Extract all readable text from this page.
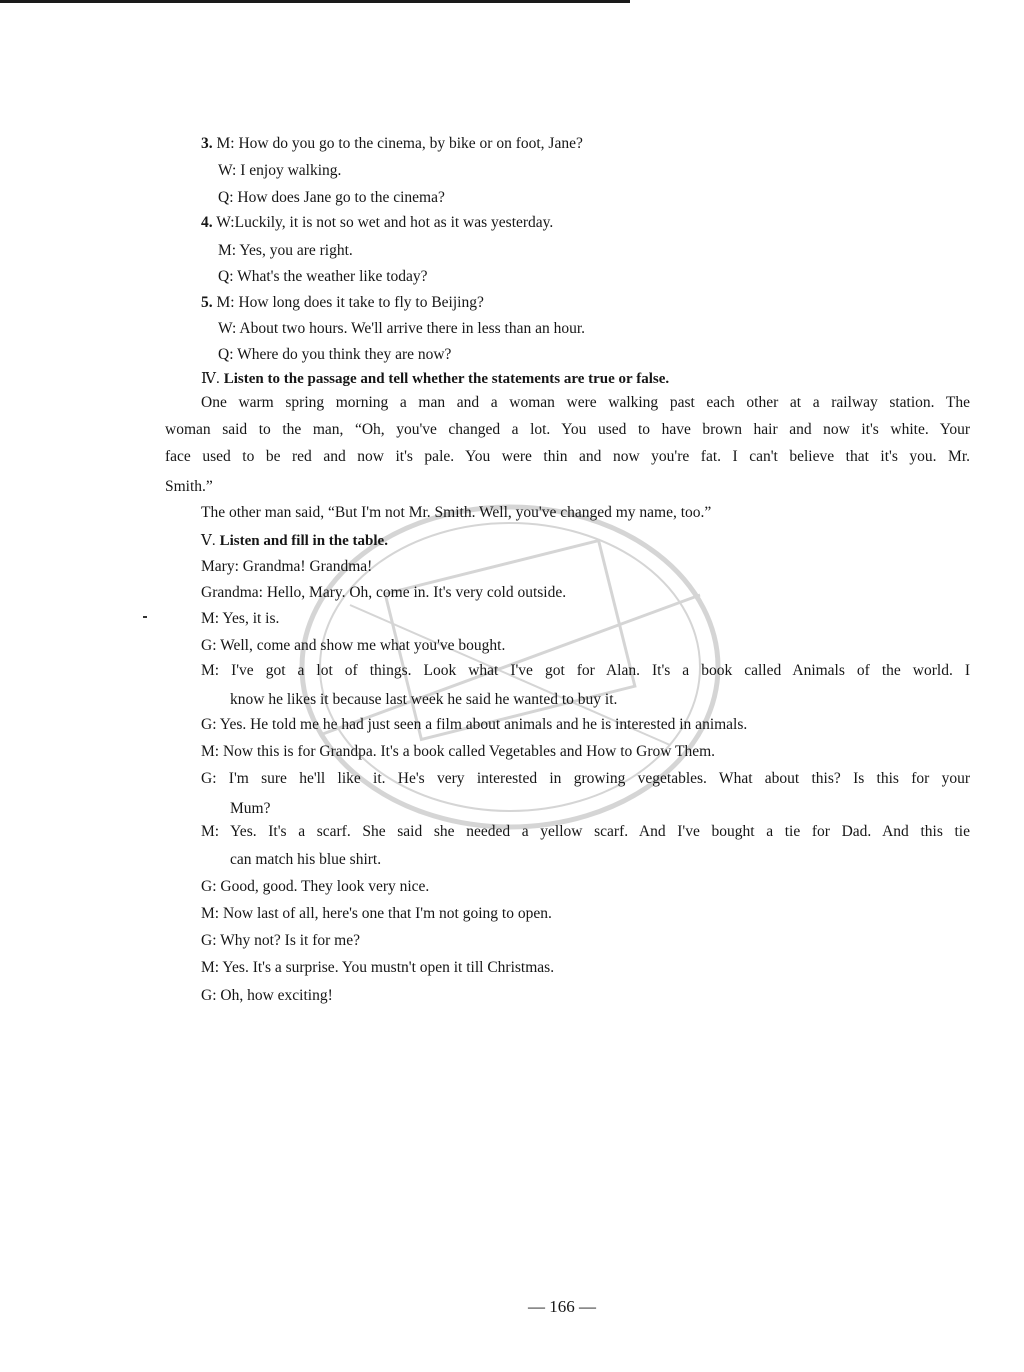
3. M: How do you go to the cinema, by bike or on foot, Jane?
W: I enjoy walking.
Q: How does Jane go to the cinema?
4. W:Luckily, it is not so wet and hot as it was yesterday.
M: Yes, you are right.
Q: What's the weather like today?
5. M: How long does it take to fly to Beijing?
W: About two hours. We'll arrive there in less than an hour.
Q: Where do you think they are now?
Ⅳ. Listen to the passage and tell whether the statements are true or false.
One warm spring morning a man and a woman were walking past each other at a railway station. The
woman said to the man, “Oh, you've changed a lot. You used to have brown hair and now it's white. Your
face used to be red and now it's pale. You were thin and now you're fat. I can't believe that it's you. Mr.
Smith.”
The other man said, “But I'm not Mr. Smith. Well, you've changed my name, too.”
Ⅴ. Listen and fill in the table.
Mary: Grandma! Grandma!
Grandma: Hello, Mary. Oh, come in. It's very cold outside.
M: Yes, it is.
G: Well, come and show me what you've bought.
M: I've got a lot of things. Look what I've got for Alan. It's a book called Animals of the world. I
know he likes it because last week he said he wanted to buy it.
G: Yes. He told me he had just seen a film about animals and he is interested in animals.
M: Now this is for Grandpa. It's a book called Vegetables and How to Grow Them.
G: I'm sure he'll like it. He's very interested in growing vegetables. What about this? Is this for your
Mum?
M: Yes. It's a scarf. She said she needed a yellow scarf. And I've bought a tie for Dad. And this tie
can match his blue shirt.
G: Good, good. They look very nice.
M: Now last of all, here's one that I'm not going to open.
G: Why not? Is it for me?
M: Yes. It's a surprise. You mustn't open it till Christmas.
G: Oh, how exciting!
— 166 —
